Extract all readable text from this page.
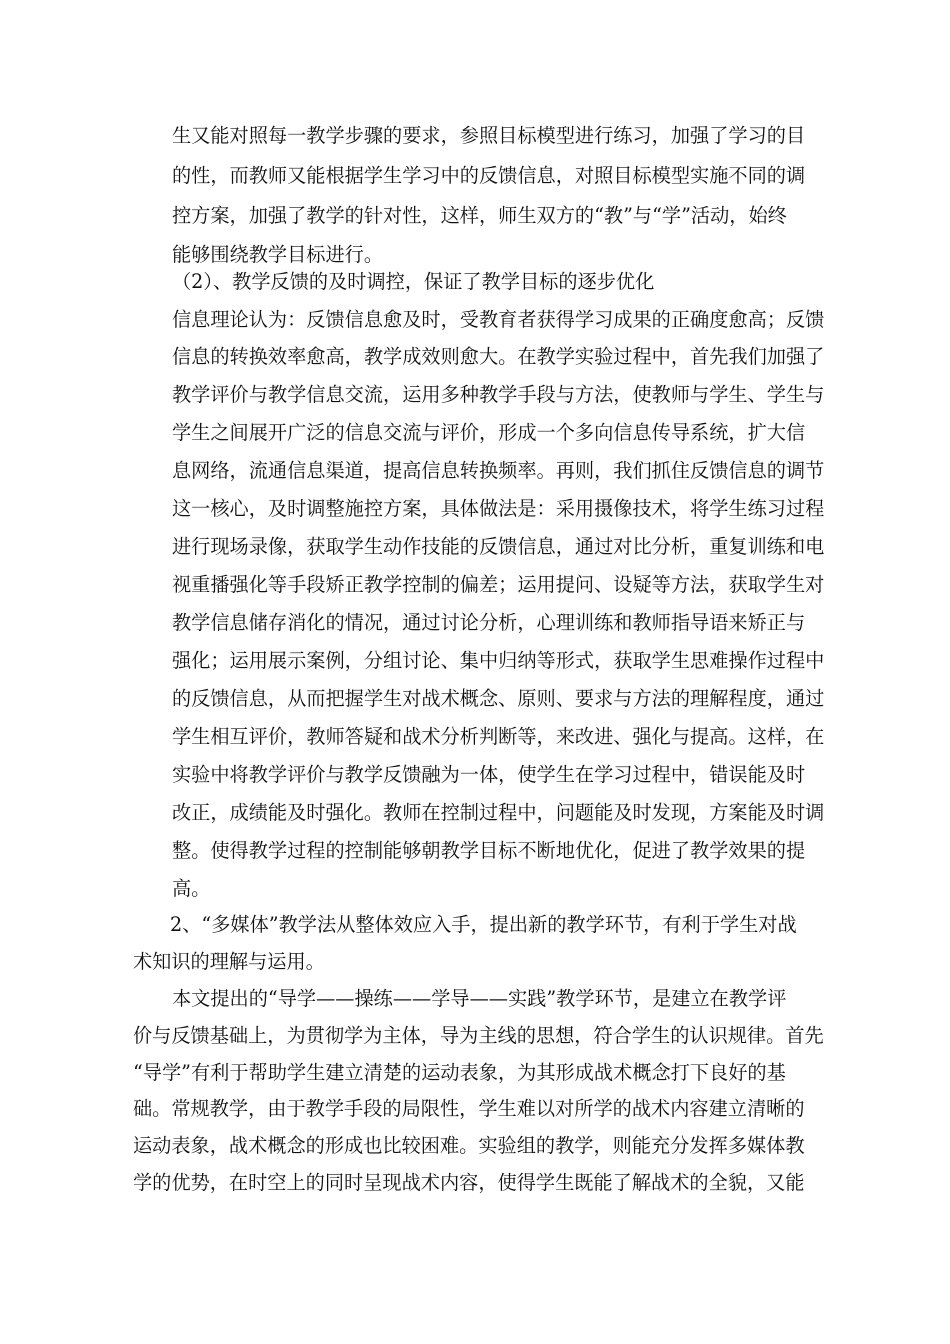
生又能对照每一教学步骤的要求，参照目标模型进行练习，加强了学习的目
的性，而教师又能根据学生学习中的反馈信息，对照目标模型实施不同的调
控方案，加强了教学的针对性，这样，师生双方的“教”与“学”活动，始终
能够围绕教学目标进行。
（2）、教学反馈的及时调控，保证了教学目标的逐步优化
信息理论认为：反馈信息愈及时，受教育者获得学习成果的正确度愈高；反馈
信息的转换效率愈高，教学成效则愈大。在教学实验过程中，首先我们加强了
教学评价与教学信息交流，运用多种教学手段与方法，使教师与学生、学生与
学生之间展开广泛的信息交流与评价，形成一个多向信息传导系统，扩大信
息网络，流通信息渠道，提高信息转换频率。再则，我们抓住反馈信息的调节
这一核心，及时调整施控方案，具体做法是：采用摄像技术，将学生练习过程
进行现场录像，获取学生动作技能的反馈信息，通过对比分析，重复训练和电
视重播强化等手段矫正教学控制的偏差；运用提问、设疑等方法，获取学生对
教学信息储存消化的情况，通过讨论分析，心理训练和教师指导语来矫正与
强化；运用展示案例，分组讨论、集中归纳等形式，获取学生思难操作过程中
的反馈信息，从而把握学生对战术概念、原则、要求与方法的理解程度，通过
学生相互评价，教师答疑和战术分析判断等，来改进、强化与提高。这样，在
实验中将教学评价与教学反馈融为一体，使学生在学习过程中，错误能及时
改正，成绩能及时强化。教师在控制过程中，问题能及时发现，方案能及时调
整。使得教学过程的控制能够朝教学目标不断地优化，促进了教学效果的提
高。
2、“多媒体”教学法从整体效应入手，提出新的教学环节，有利于学生对战
术知识的理解与运用。
本文提出的“导学——操练——学导——实践”教学环节，是建立在教学评
价与反馈基础上，为贯彻学为主体，导为主线的思想，符合学生的认识规律。首先
“导学”有利于帮助学生建立清楚的运动表象，为其形成战术概念打下良好的基
础。常规教学，由于教学手段的局限性，学生难以对所学的战术内容建立清晰的
运动表象，战术概念的形成也比较困难。实验组的教学，则能充分发挥多媒体教
学的优势，在时空上的同时呈现战术内容，使得学生既能了解战术的全貌，又能
